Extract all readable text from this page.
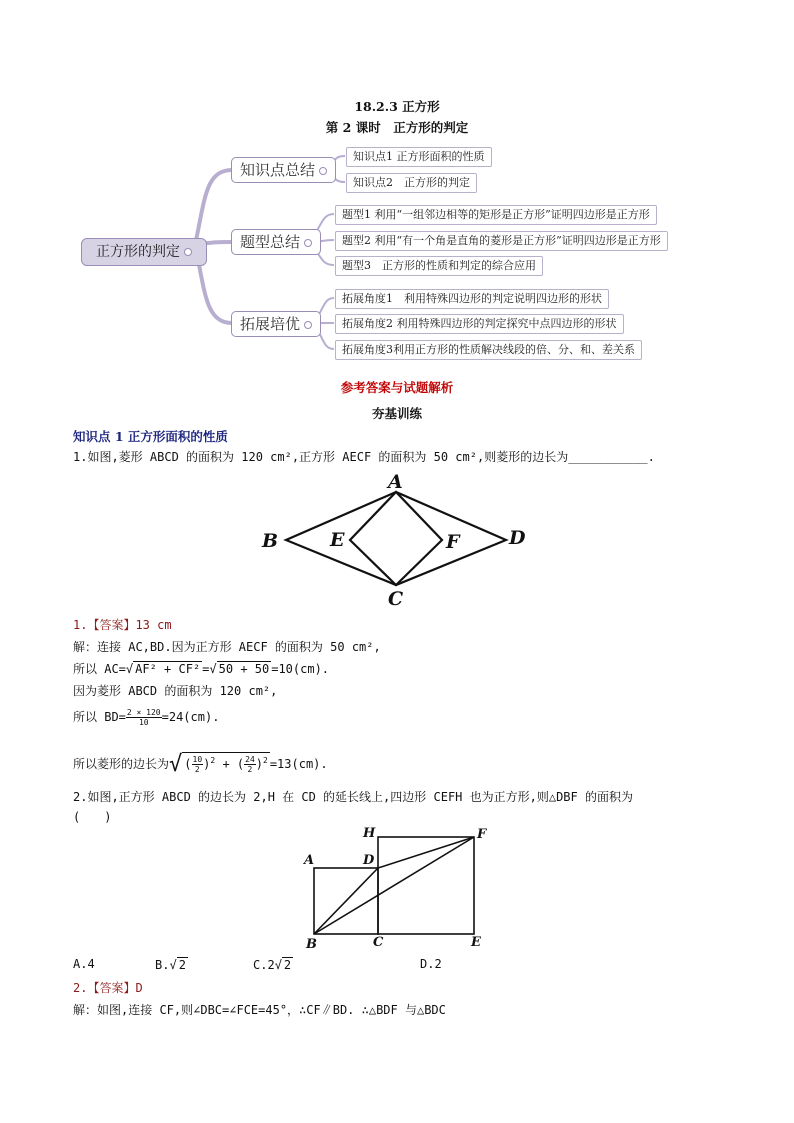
18.2.3 正方形
第 2 课时　正方形的判定
正方形的判定
知识点总结
题型总结
拓展培优
知识点1 正方形面积的性质
知识点2　正方形的判定
题型1 利用“一组邻边相等的矩形是正方形”证明四边形是正方形
题型2 利用“有一个角是直角的菱形是正方形”证明四边形是正方形
题型3　正方形的性质和判定的综合应用
拓展角度1　利用特殊四边形的判定说明四边形的形状
拓展角度2 利用特殊四边形的判定探究中点四边形的形状
拓展角度3利用正方形的性质解决线段的倍、分、和、差关系
参考答案与试题解析
夯基训练
知识点 1 正方形面积的性质
1.如图,菱形 ABCD 的面积为 120 cm²,正方形 AECF 的面积为 50 cm²,则菱形的边长为___________.
A
B
C
D
E	F
1.【答案】13 cm
解：连接 AC,BD.因为正方形 AECF 的面积为 50 cm²,
所以 AC=√ AF² + CF² =√ 50 + 50 =10(cm).
因为菱形 ABCD 的面积为 120 cm²,
所以 $BD= \frac{2 \times 120}{10} =24(cm)$.
所以菱形的边长为√ ( $\frac{10}{2} )^2$ + ( $\frac{24}{2} )^2 =13(cm)$.
2.如图,正方形 ABCD 的边长为 2,H 在 CD 的延长线上,四边形 CEFH 也为正方形,则△DBF 的面积为
(　　)
A
B	C
D
E
F
H
A.4	B.√ 2	C.2√ 2	D.2
2.【答案】D
解：如图,连接 CF,则∠DBC=∠FCE=45°，∴CF∥BD. ∴△BDF 与△BDC
